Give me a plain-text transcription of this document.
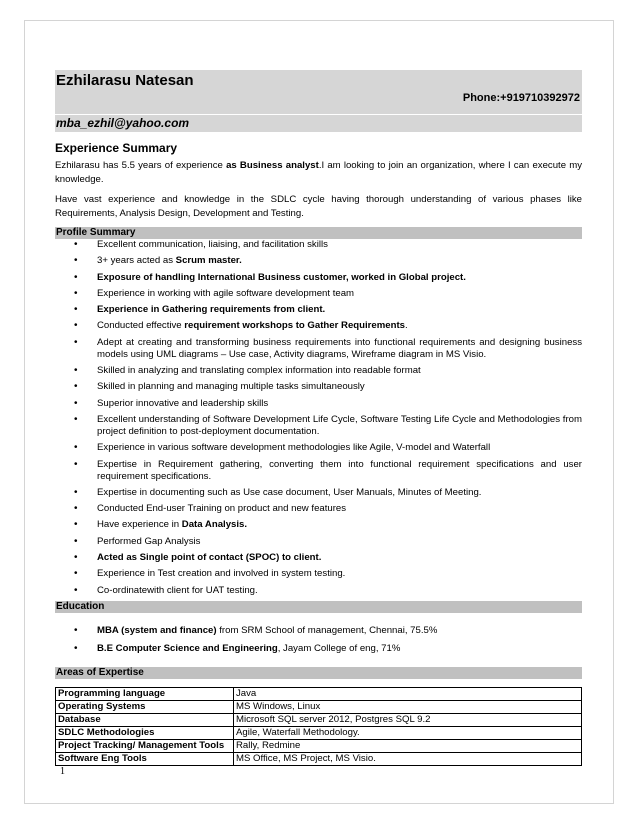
Ezhilarasu Natesan
Phone:+919710392972
mba_ezhil@yahoo.com
Experience Summary

Ezhilarasu has 5.5 years of experience as Business analyst.I am looking to join an organization, where I can execute my knowledge.

Have vast experience and knowledge in the SDLC cycle having thorough understanding of various phases like Requirements, Analysis Design, Development and Testing.

Profile Summary
• Excellent communication, liaising, and facilitation skills
• 3+ years acted as Scrum master.
• Exposure of handling International Business customer, worked in Global project.
• Experience in working with agile software development team
• Experience in Gathering requirements from client.
• Conducted effective requirement workshops to Gather Requirements.
• Adept at creating and transforming business requirements into functional requirements and designing business models using UML diagrams – Use case, Activity diagrams, Wireframe diagram in MS Visio.
• Skilled in analyzing and translating complex information into readable format
• Skilled in planning and managing multiple tasks simultaneously
• Superior innovative and leadership skills
• Excellent understanding of Software Development Life Cycle, Software Testing Life Cycle and Methodologies from project definition to post-deployment documentation.
• Experience in various software development methodologies like Agile, V-model and Waterfall
• Expertise in Requirement gathering, converting them into functional requirement specifications and user requirement specifications.
• Expertise in documenting such as Use case document, User Manuals, Minutes of Meeting.
• Conducted End-user Training on product and new features
• Have experience in Data Analysis.
• Performed Gap Analysis
• Acted as Single point of contact (SPOC) to client.
• Experience in Test creation and involved in system testing.
• Co-ordinatewith client for UAT testing.
Education
• MBA (system and finance) from SRM School of management, Chennai, 75.5%
• B.E Computer Science and Engineering, Jayam College of eng, 71%
Areas of Expertise
Programming language	Java
Operating Systems	MS Windows, Linux
Database	Microsoft SQL server 2012, Postgres SQL 9.2
SDLC Methodologies	Agile, Waterfall Methodology.
Project Tracking/ Management Tools	Rally, Redmine
Software Eng Tools	MS Office, MS Project, MS Visio.
1
